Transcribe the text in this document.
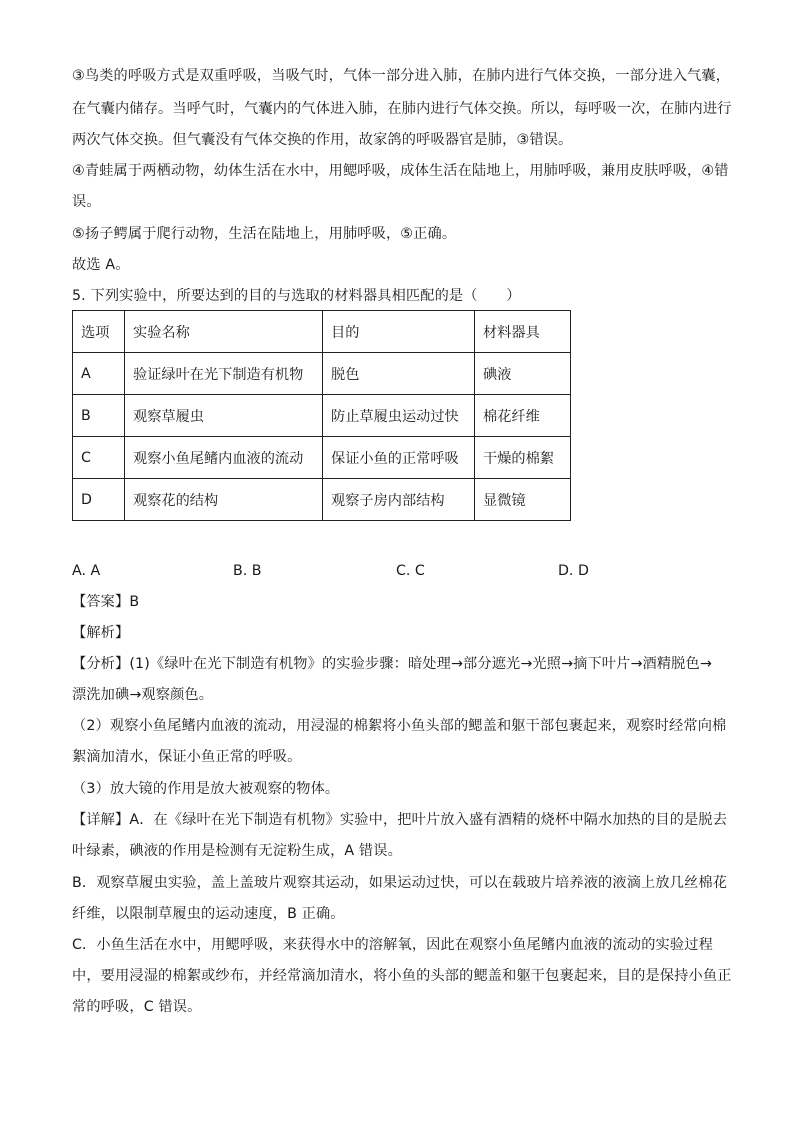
③鸟类的呼吸方式是双重呼吸，当吸气时，气体一部分进入肺，在肺内进行气体交换，一部分进入气囊，
在气囊内储存。当呼气时，气囊内的气体进入肺，在肺内进行气体交换。所以，每呼吸一次，在肺内进行
两次气体交换。但气囊没有气体交换的作用，故家鸽的呼吸器官是肺，③错误。
④青蛙属于两栖动物，幼体生活在水中，用鳃呼吸，成体生活在陆地上，用肺呼吸，兼用皮肤呼吸，④错
误。
⑤扬子鳄属于爬行动物，生活在陆地上，用肺呼吸，⑤正确。
故选 A。
5. 下列实验中，所要达到的目的与选取的材料器具相匹配的是（　　）
选项	实验名称	目的	材料器具
A	验证绿叶在光下制造有机物	脱色	碘液
B	观察草履虫	防止草履虫运动过快	棉花纤维
C	观察小鱼尾鳍内血液的流动	保证小鱼的正常呼吸	干燥的棉絮
D	观察花的结构	观察子房内部结构	显微镜
A. A	B. B	C. C	D. D
【答案】B
【解析】
【分析】(1)《绿叶在光下制造有机物》的实验步骤：暗处理→部分遮光→光照→摘下叶片→酒精脱色→
漂洗加碘→观察颜色。
（2）观察小鱼尾鳍内血液的流动，用浸湿的棉絮将小鱼头部的鳃盖和躯干部包裹起来，观察时经常向棉
絮滴加清水，保证小鱼正常的呼吸。
（3）放大镜的作用是放大被观察的物体。
【详解】A．在《绿叶在光下制造有机物》实验中，把叶片放入盛有酒精的烧杯中隔水加热的目的是脱去
叶绿素，碘液的作用是检测有无淀粉生成，A 错误。
B．观察草履虫实验，盖上盖玻片观察其运动，如果运动过快，可以在载玻片培养液的液滴上放几丝棉花
纤维，以限制草履虫的运动速度，B 正确。
C．小鱼生活在水中，用鳃呼吸，来获得水中的溶解氧，因此在观察小鱼尾鳍内血液的流动的实验过程
中，要用浸湿的棉絮或纱布，并经常滴加清水，将小鱼的头部的鳃盖和躯干包裹起来，目的是保持小鱼正
常的呼吸，C 错误。
